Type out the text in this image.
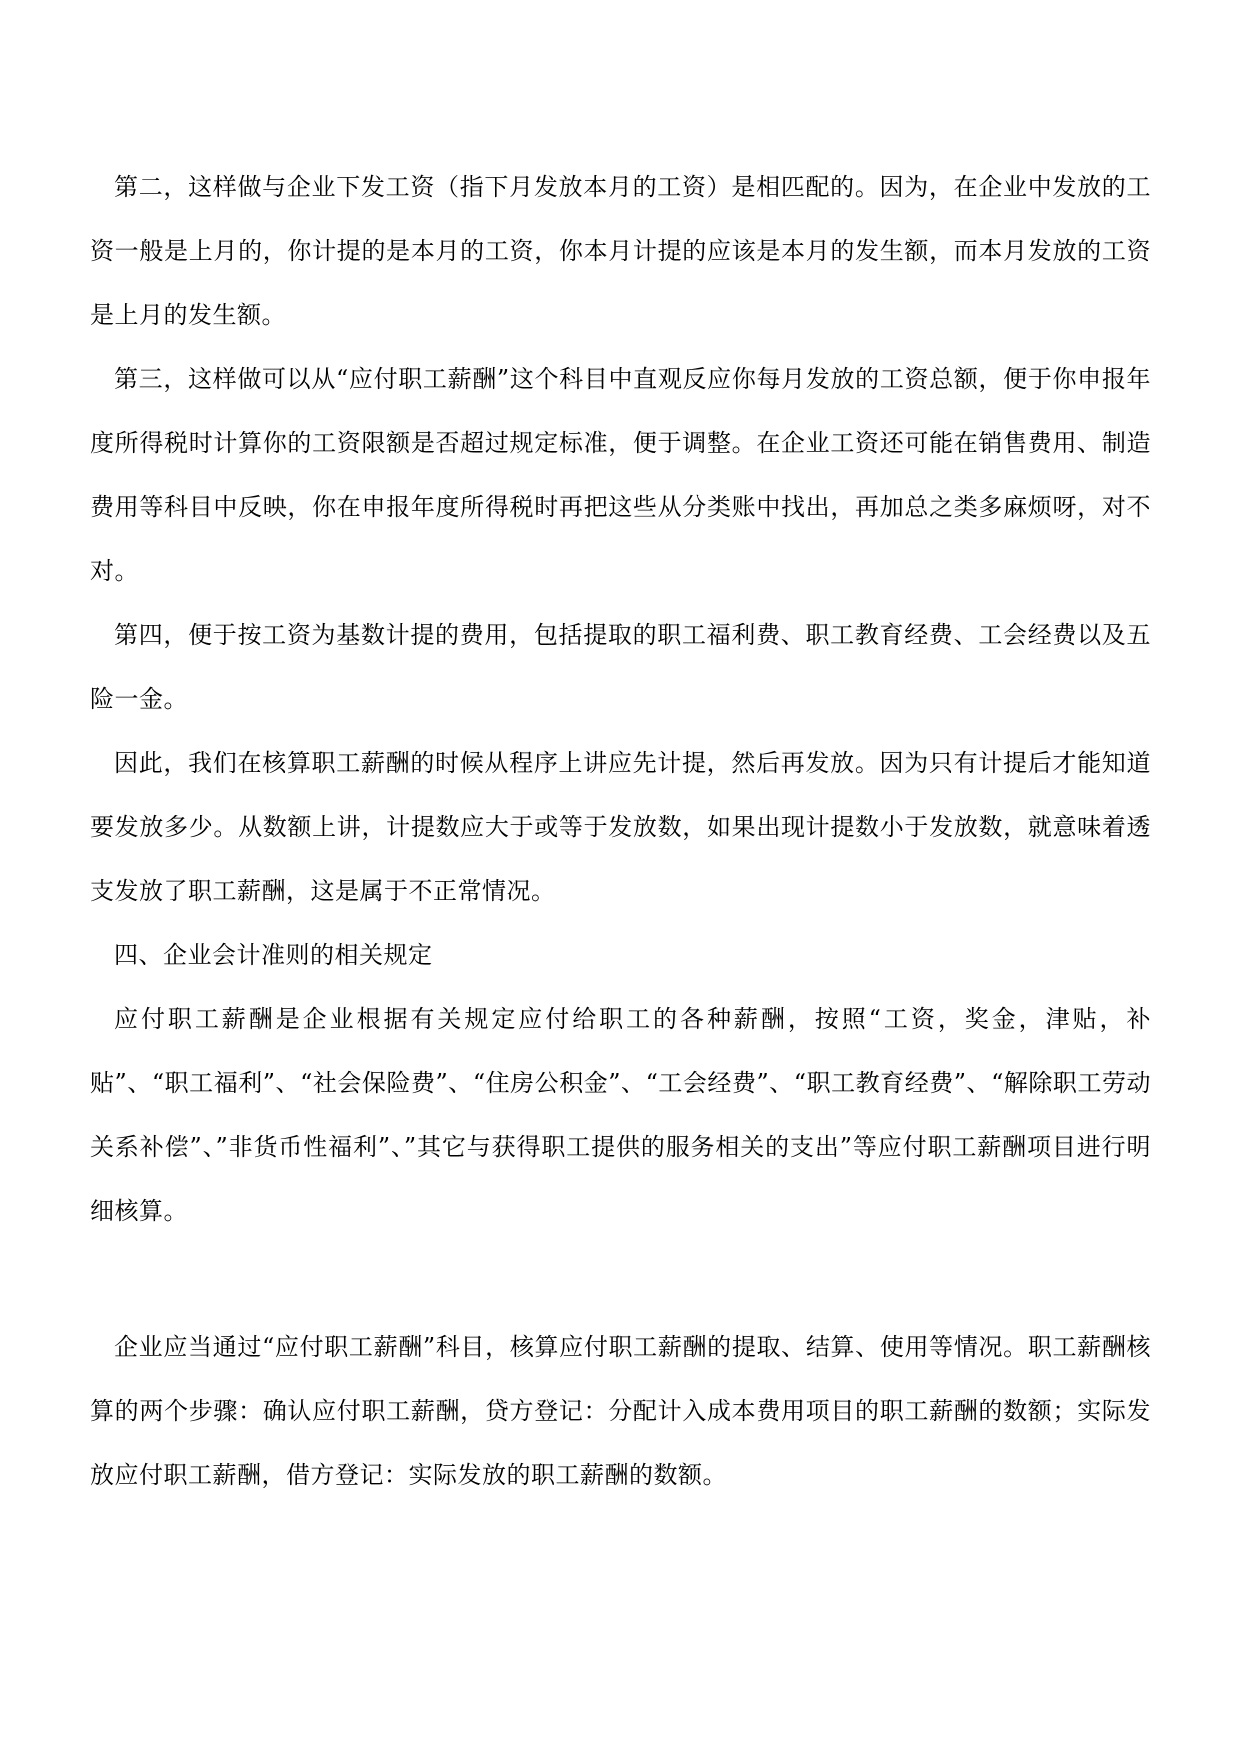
第二，这样做与企业下发工资（指下月发放本月的工资）是相匹配的。因为，在企业中发放的工资一般是上月的，你计提的是本月的工资，你本月计提的应该是本月的发生额，而本月发放的工资是上月的发生额。

第三，这样做可以从“应付职工薪酬”这个科目中直观反应你每月发放的工资总额，便于你申报年度所得税时计算你的工资限额是否超过规定标准，便于调整。在企业工资还可能在销售费用、制造费用等科目中反映，你在申报年度所得税时再把这些从分类账中找出，再加总之类多麻烦呀，对不对。

第四，便于按工资为基数计提的费用，包括提取的职工福利费、职工教育经费、工会经费以及五险一金。

因此，我们在核算职工薪酬的时候从程序上讲应先计提，然后再发放。因为只有计提后才能知道要发放多少。从数额上讲，计提数应大于或等于发放数，如果出现计提数小于发放数，就意味着透支发放了职工薪酬，这是属于不正常情况。

四、企业会计准则的相关规定

应付职工薪酬是企业根据有关规定应付给职工的各种薪酬，按照“工资，奖金，津贴，补贴”、“职工福利”、“社会保险费”、“住房公积金”、“工会经费”、“职工教育经费”、“解除职工劳动关系补偿”、”非货币性福利”、”其它与获得职工提供的服务相关的支出”等应付职工薪酬项目进行明细核算。

企业应当通过“应付职工薪酬”科目，核算应付职工薪酬的提取、结算、使用等情况。职工薪酬核算的两个步骤：确认应付职工薪酬，贷方登记：分配计入成本费用项目的职工薪酬的数额；实际发放应付职工薪酬，借方登记：实际发放的职工薪酬的数额。
